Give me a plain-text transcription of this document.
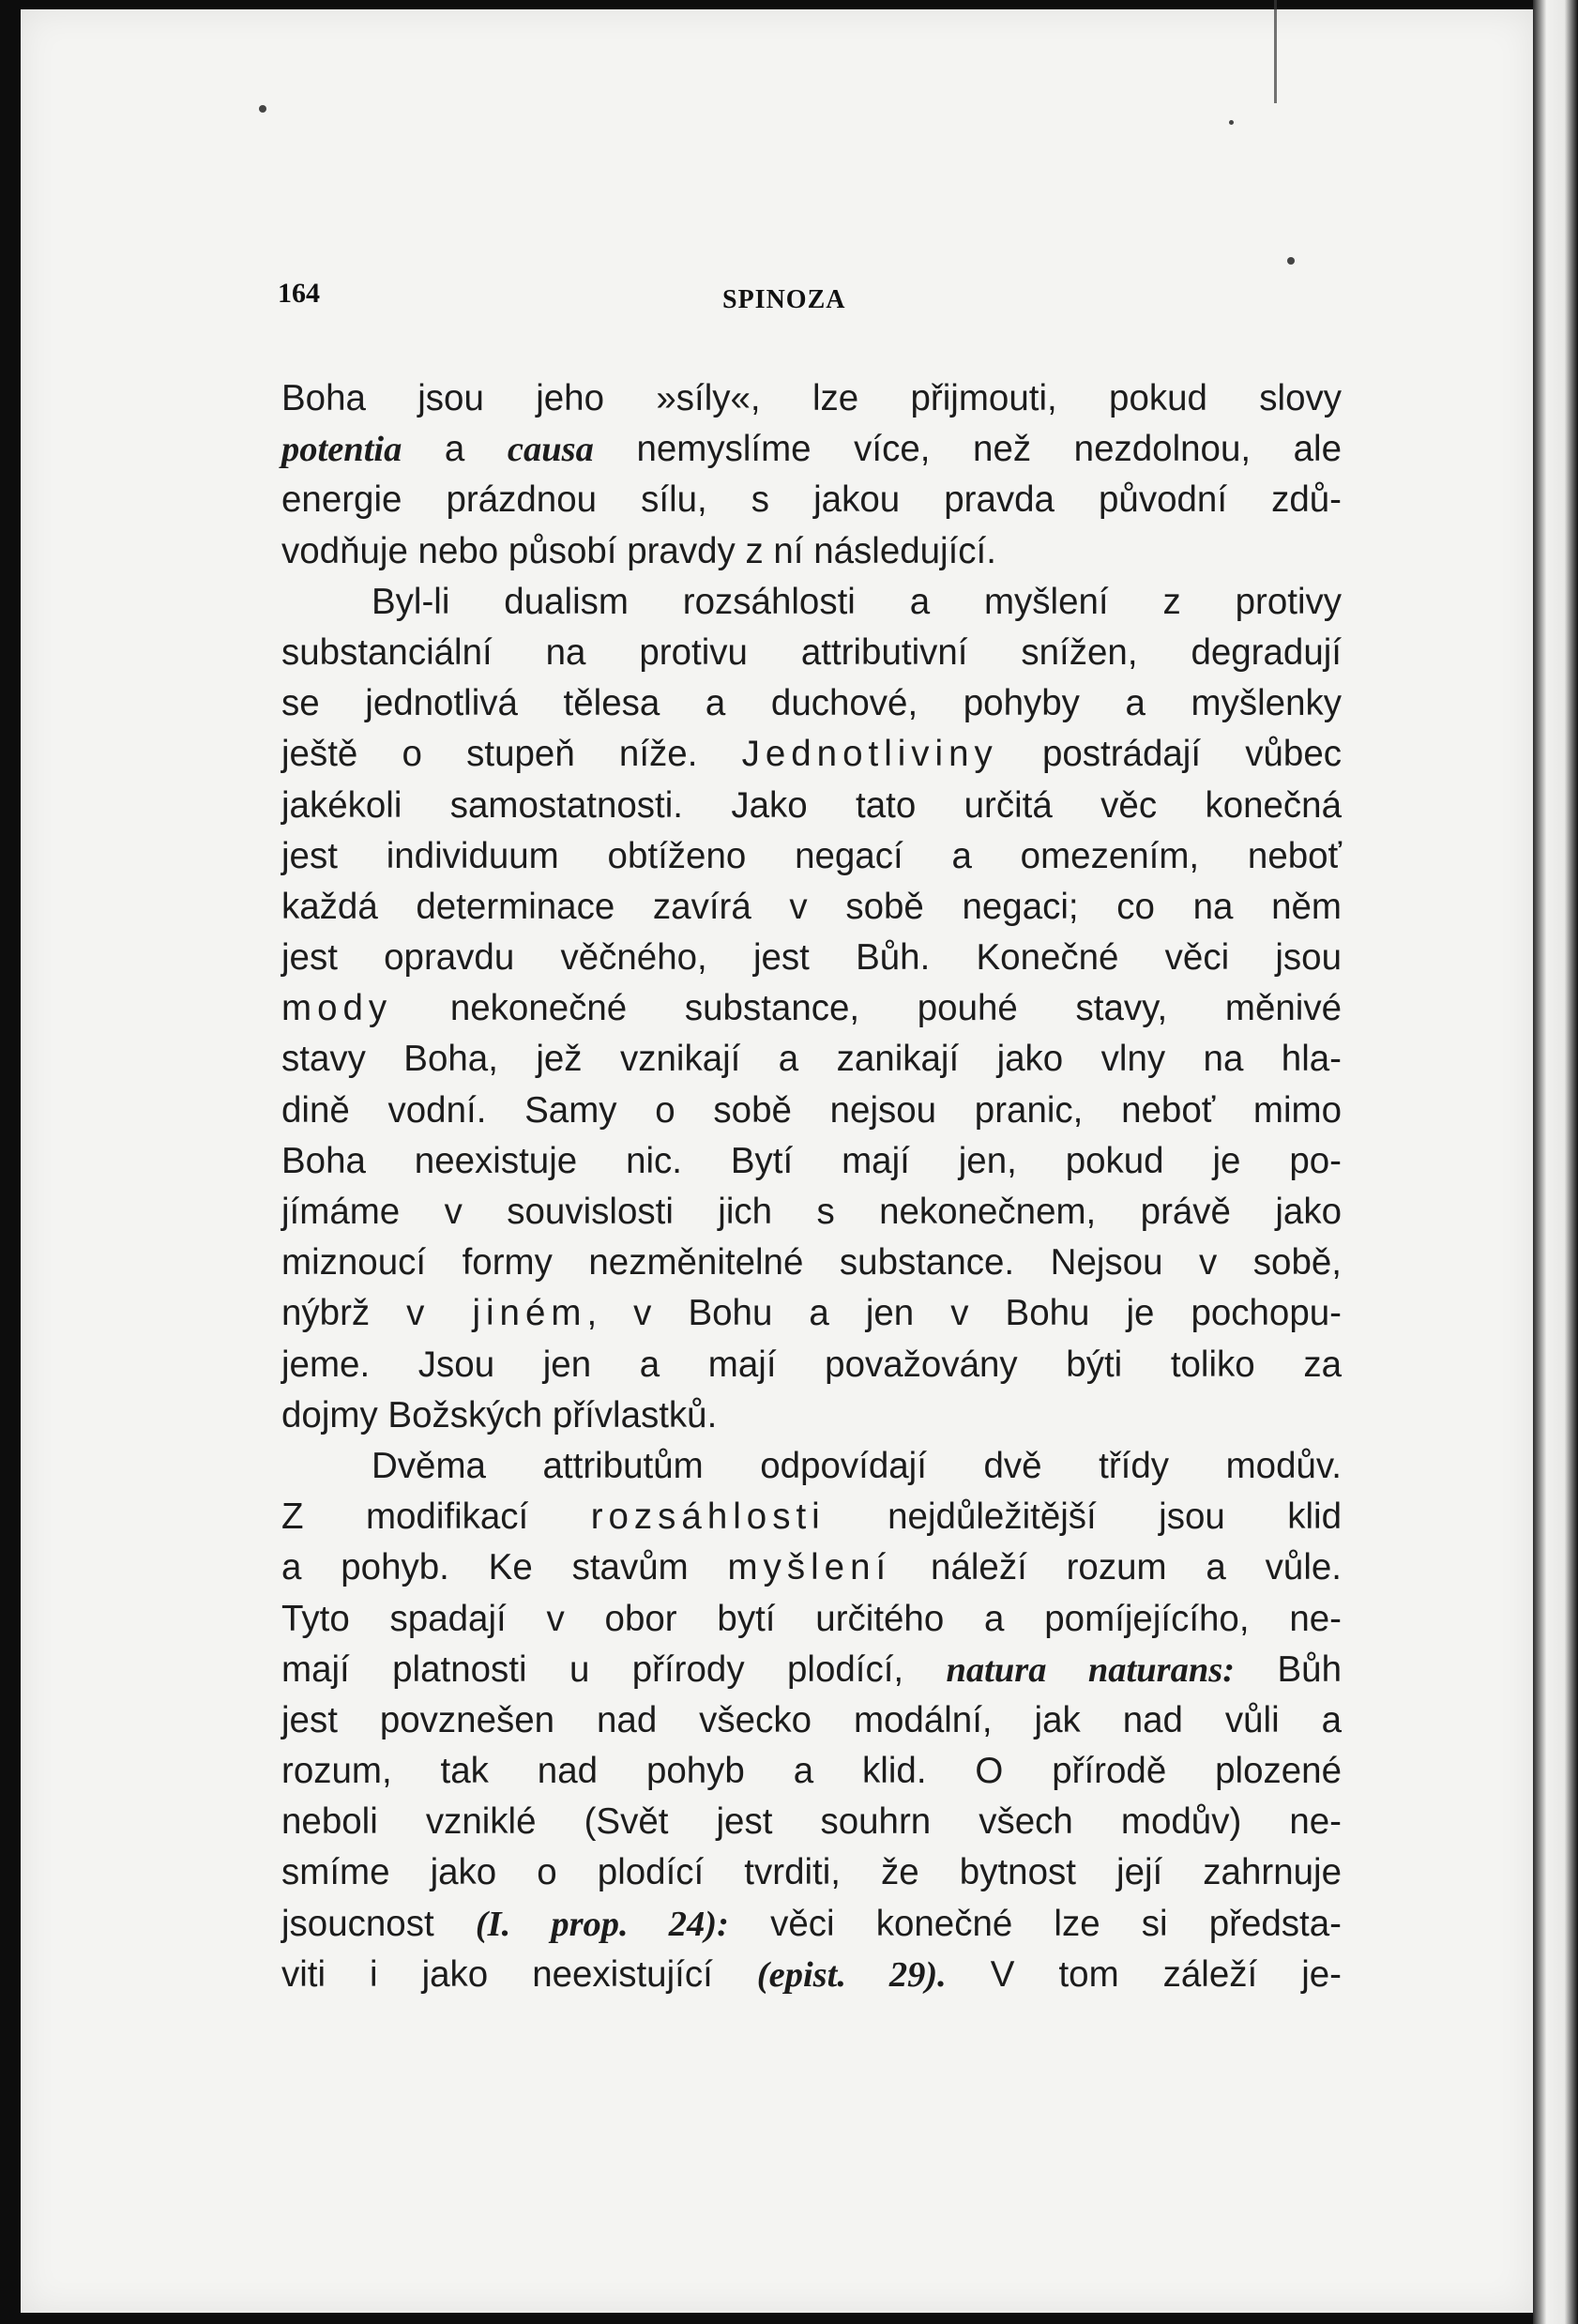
164	SPINOZA
Boha jsou jeho »síly«, lze přijmouti, pokud slovy
potentia a causa nemyslíme více, než nezdolnou, ale
energie prázdnou sílu, s jakou pravda původní zdů-
vodňuje nebo působí pravdy z ní následující.
Byl-li dualism rozsáhlosti a myšlení z protivy
substanciální na protivu attributivní snížen, degradují
se jednotlivá tělesa a duchové, pohyby a myšlenky
ještě o stupeň níže. Jednotliviny postrádají vůbec
jakékoli samostatnosti. Jako tato určitá věc konečná
jest individuum obtíženo negací a omezením, neboť
každá determinace zavírá v sobě negaci; co na něm
jest opravdu věčného, jest Bůh. Konečné věci jsou
mody nekonečné substance, pouhé stavy, měnivé
stavy Boha, jež vznikají a zanikají jako vlny na hla-
dině vodní. Samy o sobě nejsou pranic, neboť mimo
Boha neexistuje nic. Bytí mají jen, pokud je po-
jímáme v souvislosti jich s nekonečnem, právě jako
miznoucí formy nezměnitelné substance. Nejsou v sobě,
nýbrž v jiném, v Bohu a jen v Bohu je pochopu-
jeme. Jsou jen a mají považovány býti toliko za
dojmy Božských přívlastků.
Dvěma attributům odpovídají dvě třídy modův.
Z modifikací rozsáhlosti nejdůležitější jsou klid
a pohyb. Ke stavům myšlení náleží rozum a vůle.
Tyto spadají v obor bytí určitého a pomíjejícího, ne-
mají platnosti u přírody plodící, natura naturans: Bůh
jest povznešen nad všecko modální, jak nad vůli a
rozum, tak nad pohyb a klid. O přírodě plozené
neboli vzniklé (Svět jest souhrn všech modův) ne-
smíme jako o plodící tvrditi, že bytnost její zahrnuje
jsoucnost (I. prop. 24): věci konečné lze si předsta-
viti i jako neexistující (epist. 29). V tom záleží je-
